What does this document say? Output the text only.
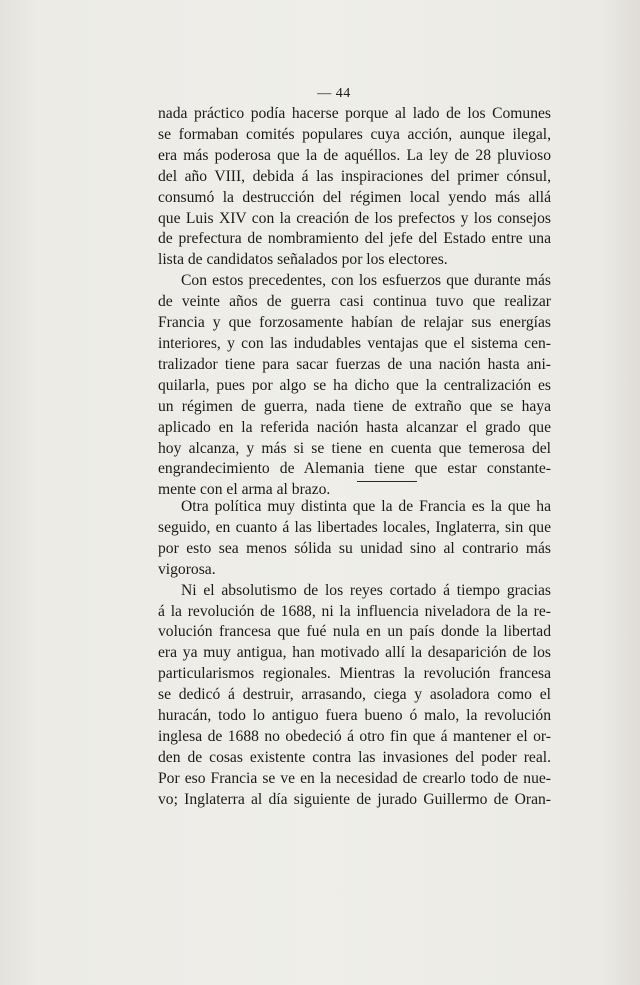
— 44
nada práctico podía hacerse porque al lado de los Comunes
se formaban comités populares cuya acción, aunque ilegal,
era más poderosa que la de aquéllos. La ley de 28 pluvioso
del año VIII, debida á las inspiraciones del primer cónsul,
consumó la destrucción del régimen local yendo más allá
que Luis XIV con la creación de los prefectos y los consejos
de prefectura de nombramiento del jefe del Estado entre una
lista de candidatos señalados por los electores.
Con estos precedentes, con los esfuerzos que durante más
de veinte años de guerra casi continua tuvo que realizar
Francia y que forzosamente habían de relajar sus energías
interiores, y con las indudables ventajas que el sistema cen-
tralizador tiene para sacar fuerzas de una nación hasta ani-
quilarla, pues por algo se ha dicho que la centralización es
un régimen de guerra, nada tiene de extraño que se haya
aplicado en la referida nación hasta alcanzar el grado que
hoy alcanza, y más si se tiene en cuenta que temerosa del
engrandecimiento de Alemania tiene que estar constante-
mente con el arma al brazo.
Otra política muy distinta que la de Francia es la que ha
seguido, en cuanto á las libertades locales, Inglaterra, sin que
por esto sea menos sólida su unidad sino al contrario más
vigorosa.
Ni el absolutismo de los reyes cortado á tiempo gracias
á la revolución de 1688, ni la influencia niveladora de la re-
volución francesa que fué nula en un país donde la libertad
era ya muy antigua, han motivado allí la desaparición de los
particularismos regionales. Mientras la revolución francesa
se dedicó á destruir, arrasando, ciega y asoladora como el
huracán, todo lo antiguo fuera bueno ó malo, la revolución
inglesa de 1688 no obedeció á otro fin que á mantener el or-
den de cosas existente contra las invasiones del poder real.
Por eso Francia se ve en la necesidad de crearlo todo de nue-
vo; Inglaterra al día siguiente de jurado Guillermo de Oran-
